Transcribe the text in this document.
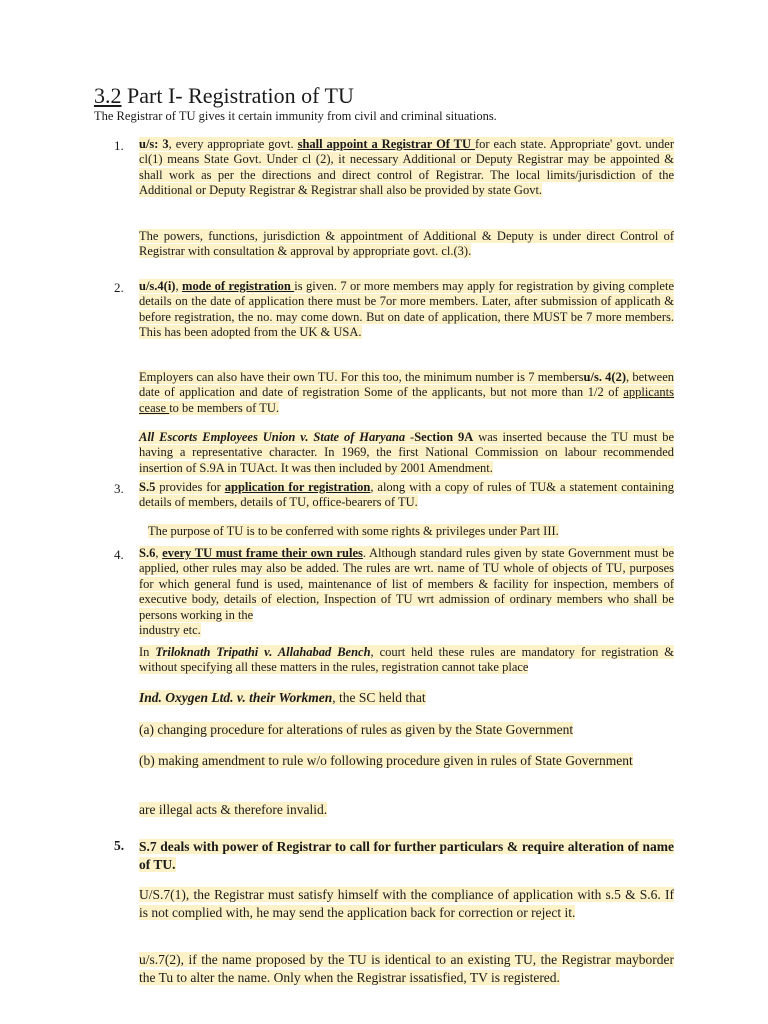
3.2 Part I- Registration of TU
The Registrar of TU gives it certain immunity from civil and criminal situations.
1. u/s: 3, every appropriate govt. shall appoint a Registrar Of TU for each state. Appropriate' govt. under cl(1) means State Govt. Under cl (2), it necessary Additional or Deputy Registrar may be appointed & shall work as per the directions and direct control of Registrar. The local limits/jurisdiction of the Additional or Deputy Registrar & Registrar shall also be provided by state Govt.
The powers, functions, jurisdiction & appointment of Additional & Deputy is under direct Control of Registrar with consultation & approval by appropriate govt. cl.(3).
2. u/s.4(i), mode of registration is given. 7 or more members may apply for registration by giving complete details on the date of application there must be 7or more members. Later, after submission of applicath & before registration, the no. may come down. But on date of application, there MUST be 7 more members. This has been adopted from the UK & USA.
Employers can also have their own TU. For this too, the minimum number is 7 membersu/s. 4(2), between date of application and date of registration Some of the applicants, but not more than 1/2 of applicants cease to be members of TU.
All Escorts Employees Union v. State of Haryana -Section 9A was inserted because the TU must be having a representative character. In 1969, the first National Commission on labour recommended insertion of S.9A in TUAct. It was then included by 2001 Amendment.
3. S.5 provides for application for registration, along with a copy of rules of TU& a statement containing details of members, details of TU, office-bearers of TU.
The purpose of TU is to be conferred with some rights & privileges under Part III.
4. S.6, every TU must frame their own rules. Although standard rules given by state Government must be applied, other rules may also be added. The rules are wrt. name of TU whole of objects of TU, purposes for which general fund is used, maintenance of list of members & facility for inspection, members of executive body, details of election, Inspection of TU wrt admission of ordinary members who shall be persons working in the
industry etc.
In Triloknath Tripathi v. Allahabad Bench, court held these rules are mandatory for registration & without specifying all these matters in the rules, registration cannot take place
Ind. Oxygen Ltd. v. their Workmen, the SC held that
(a) changing procedure for alterations of rules as given by the State Government
(b) making amendment to rule w/o following procedure given in rules of State Government
are illegal acts & therefore invalid.
5. S.7 deals with power of Registrar to call for further particulars & require alteration of name of TU.
U/S.7(1), the Registrar must satisfy himself with the compliance of application with s.5 & S.6. If is not complied with, he may send the application back for correction or reject it.
u/s.7(2), if the name proposed by the TU is identical to an existing TU, the Registrar mayborder the Tu to alter the name. Only when the Registrar issatisfied, TV is registered.
